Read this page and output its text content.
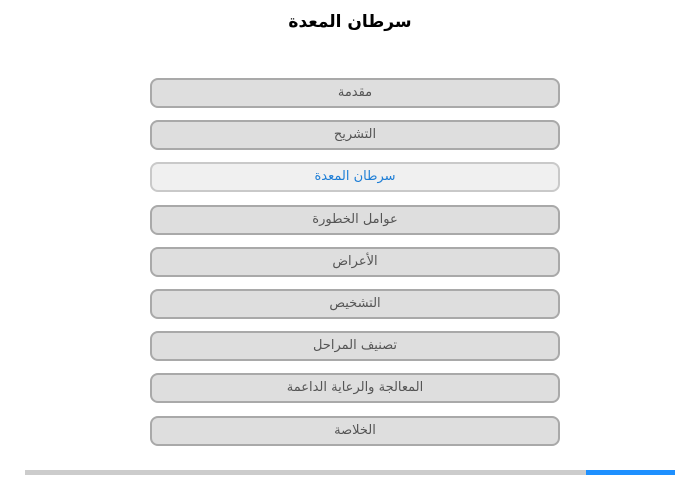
سرطان المعدة
مقدمة
التشريح
سرطان المعدة
عوامل الخطورة
الأعراض
التشخيص
تصنيف المراحل
المعالجة والرعاية الداعمة
الخلاصة
